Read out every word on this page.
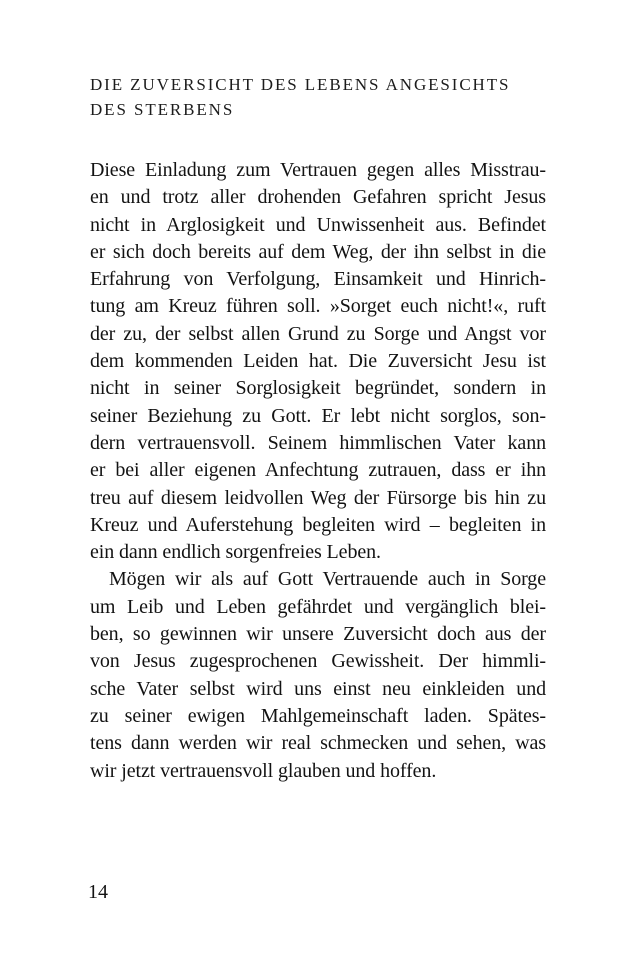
DIE ZUVERSICHT DES LEBENS ANGESICHTS
DES STERBENS
Diese Einladung zum Vertrauen gegen alles Misstrau-
en und trotz aller drohenden Gefahren spricht Jesus
nicht in Arglosigkeit und Unwissenheit aus. Befindet
er sich doch bereits auf dem Weg, der ihn selbst in die
Erfahrung von Verfolgung, Einsamkeit und Hinrich-
tung am Kreuz führen soll. »Sorget euch nicht!«, ruft
der zu, der selbst allen Grund zu Sorge und Angst vor
dem kommenden Leiden hat. Die Zuversicht Jesu ist
nicht in seiner Sorglosigkeit begründet, sondern in
seiner Beziehung zu Gott. Er lebt nicht sorglos, son-
dern vertrauensvoll. Seinem himmlischen Vater kann
er bei aller eigenen Anfechtung zutrauen, dass er ihn
treu auf diesem leidvollen Weg der Fürsorge bis hin zu
Kreuz und Auferstehung begleiten wird – begleiten in
ein dann endlich sorgenfreies Leben.
Mögen wir als auf Gott Vertrauende auch in Sorge
um Leib und Leben gefährdet und vergänglich blei-
ben, so gewinnen wir unsere Zuversicht doch aus der
von Jesus zugesprochenen Gewissheit. Der himmli-
sche Vater selbst wird uns einst neu einkleiden und
zu seiner ewigen Mahlgemeinschaft laden. Spätes-
tens dann werden wir real schmecken und sehen, was
wir jetzt vertrauensvoll glauben und hoffen.
14
